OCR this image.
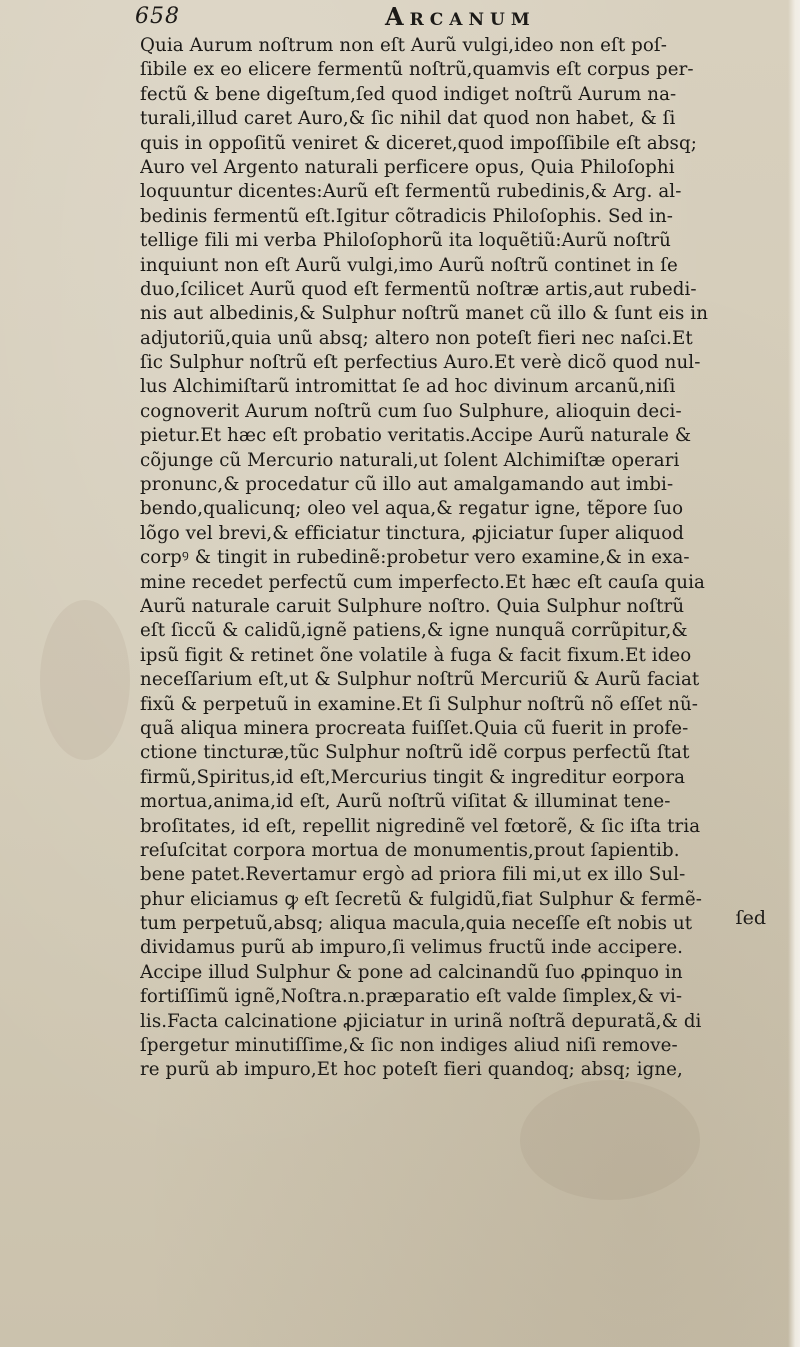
658	Arcanum
Quia Aurum noſtrum non eſt Aurũ vulgi,ideo non eſt poſ-
ſibile ex eo elicere fermentũ noſtrũ,quamvis eſt corpus per-
fectũ & bene digeſtum,ſed quod indiget noſtrũ Aurum na-
turali,illud caret Auro,& ſic nihil dat quod non habet, & ſi
quis in oppoſitũ veniret & diceret,quod impoſſibile eſt absq;
Auro vel Argento naturali perficere opus, Quia Philoſophi
loquuntur dicentes:Aurũ eſt fermentũ rubedinis,& Arg. al-
bedinis fermentũ eſt.Igitur cõtradicis Philoſophis. Sed in-
tellige fili mi verba Philoſophorũ ita loquẽtiũ:Aurũ noſtrũ
inquiunt non eſt Aurũ vulgi,imo Aurũ noſtrũ continet in ſe
duo,ſcilicet Aurũ quod eſt fermentũ noſtræ artis,aut rubedi-
nis aut albedinis,& Sulphur noſtrũ manet cũ illo & ſunt eis in
adjutoriũ,quia unũ absq; altero non poteſt fieri nec naſci.Et
ſic Sulphur noſtrũ eſt perfectius Auro.Et verè dicõ quod nul-
lus Alchimiſtarũ intromittat ſe ad hoc divinum arcanũ,niſi
cognoverit Aurum noſtrũ cum ſuo Sulphure, alioquin deci-
pietur.Et hæc eſt probatio veritatis.Accipe Aurũ naturale &
cõjunge cũ Mercurio naturali,ut ſolent Alchimiſtæ operari
pronunc,& procedatur cũ illo aut amalgamando aut imbi-
bendo,qualicunq; oleo vel aqua,& regatur igne, tẽpore ſuo
lõgo vel brevi,& efficiatur tinctura, ꝓjiciatur ſuper aliquod
corpꝰ & tingit in rubedinẽ:probetur vero examine,& in exa-
mine recedet perfectũ cum imperfecto.Et hæc eſt cauſa quia
Aurũ naturale caruit Sulphure noſtro. Quia Sulphur noſtrũ
eſt ſiccũ & calidũ,ignẽ patiens,& igne nunquã corrũpitur,&
ipsũ figit & retinet õne volatile à fuga & facit fixum.Et ideo
neceſſarium eſt,ut & Sulphur noſtrũ Mercuriũ & Aurũ faciat
fixũ & perpetuũ in examine.Et ſi Sulphur noſtrũ nõ eſſet nũ-
quã aliqua minera procreata fuiſſet.Quia cũ fuerit in profe-
ctione tincturæ,tũc Sulphur noſtrũ idẽ corpus perfectũ ſtat
firmũ,Spiritus,id eſt,Mercurius tingit & ingreditur eorpora
mortua,anima,id eſt, Aurũ noſtrũ viſitat & illuminat tene-
broſitates, id eſt, repellit nigredinẽ vel fœtorẽ, & ſic iſta tria
reſuſcitat corpora mortua de monumentis,prout ſapientib.
bene patet.Revertamur ergò ad priora fili mi,ut ex illo Sul-
phur eliciamus ꝙ eſt ſecretũ & fulgidũ,fiat Sulphur & fermẽ-
tum perpetuũ,absq; aliqua macula,quia neceſſe eſt nobis ut
dividamus purũ ab impuro,ſi velimus fructũ inde accipere.
Accipe illud Sulphur & pone ad calcinandũ ſuo ꝓpinquo in
fortiſſimũ ignẽ,Noſtra.n.præparatio eſt valde ſimplex,& vi-
lis.Facta calcinatione ꝓjiciatur in urinã noſtrã depuratã,& di
ſpergetur minutiſſime,& ſic non indiges aliud niſi remove-
re purũ ab impuro,Et hoc poteſt fieri quandoq; absq; igne,
ſed
